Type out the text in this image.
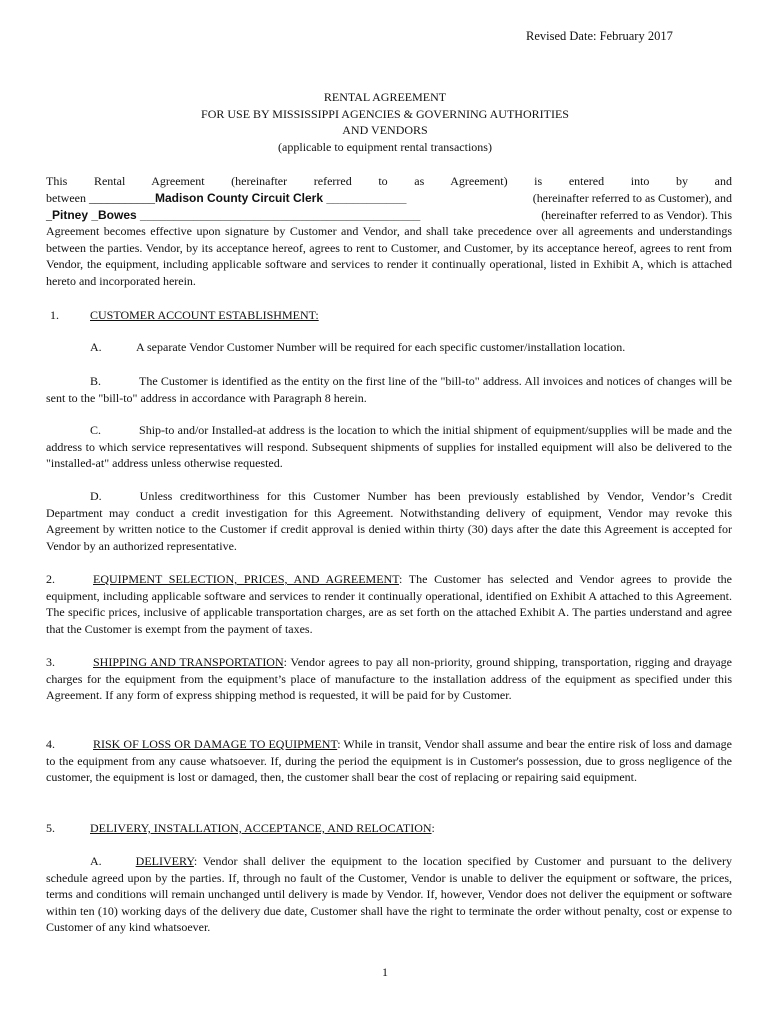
Revised Date: February 2017
RENTAL AGREEMENT
FOR USE BY MISSISSIPPI AGENCIES & GOVERNING AUTHORITIES
AND VENDORS
(applicable to equipment rental transactions)
This Rental Agreement (hereinafter referred to as Agreement) is entered into by and
between ___________Madison County Circuit Clerk ____________	(hereinafter referred to as Customer), and
_Pitney _Bowes __________________________________________	(hereinafter referred to as Vendor). This
Agreement becomes effective upon signature by Customer and Vendor, and shall take precedence over all agreements and understandings between the parties. Vendor, by its acceptance hereof, agrees to rent to Customer, and Customer, by its acceptance hereof, agrees to rent from Vendor, the equipment, including applicable software and services to render it continually operational, listed in Exhibit A, which is attached hereto and incorporated herein.
1.	CUSTOMER ACCOUNT ESTABLISHMENT:
A.	A separate Vendor Customer Number will be required for each specific customer/installation location.
B.	The Customer is identified as the entity on the first line of the "bill-to" address. All invoices and notices of changes will be sent to the "bill-to" address in accordance with Paragraph 8 herein.
C.	Ship-to and/or Installed-at address is the location to which the initial shipment of equipment/supplies will be made and the address to which service representatives will respond. Subsequent shipments of supplies for installed equipment will also be delivered to the "installed-at" address unless otherwise requested.
D.	Unless creditworthiness for this Customer Number has been previously established by Vendor, Vendor’s Credit Department may conduct a credit investigation for this Agreement. Notwithstanding delivery of equipment, Vendor may revoke this Agreement by written notice to the Customer if credit approval is denied within thirty (30) days after the date this Agreement is accepted for Vendor by an authorized representative.
2.	EQUIPMENT SELECTION, PRICES, AND AGREEMENT: The Customer has selected and Vendor agrees to provide the equipment, including applicable software and services to render it continually operational, identified on Exhibit A attached to this Agreement. The specific prices, inclusive of applicable transportation charges, are as set forth on the attached Exhibit A. The parties understand and agree that the Customer is exempt from the payment of taxes.
3.	SHIPPING AND TRANSPORTATION: Vendor agrees to pay all non-priority, ground shipping, transportation, rigging and drayage charges for the equipment from the equipment’s place of manufacture to the installation address of the equipment as specified under this Agreement. If any form of express shipping method is requested, it will be paid for by Customer.
4.	RISK OF LOSS OR DAMAGE TO EQUIPMENT: While in transit, Vendor shall assume and bear the entire risk of loss and damage to the equipment from any cause whatsoever. If, during the period the equipment is in Customer's possession, due to gross negligence of the customer, the equipment is lost or damaged, then, the customer shall bear the cost of replacing or repairing said equipment.
5.	DELIVERY, INSTALLATION, ACCEPTANCE, AND RELOCATION:
A.	DELIVERY: Vendor shall deliver the equipment to the location specified by Customer and pursuant to the delivery schedule agreed upon by the parties. If, through no fault of the Customer, Vendor is unable to deliver the equipment or software, the prices, terms and conditions will remain unchanged until delivery is made by Vendor. If, however, Vendor does not deliver the equipment or software within ten (10) working days of the delivery due date, Customer shall have the right to terminate the order without penalty, cost or expense to Customer of any kind whatsoever.
1
